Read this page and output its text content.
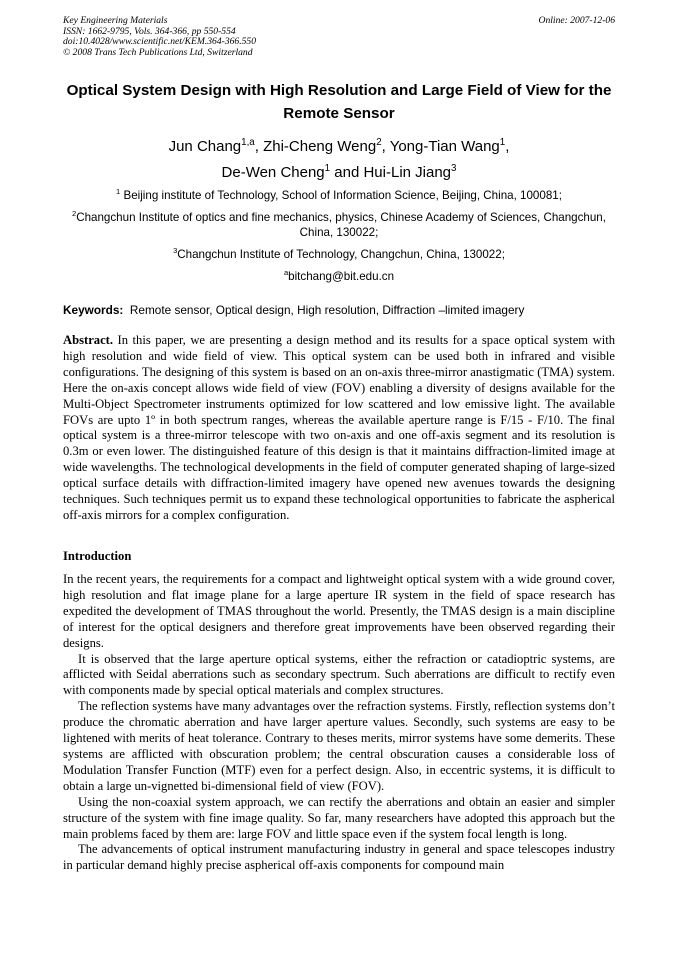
Key Engineering Materials
ISSN: 1662-9795, Vols. 364-366, pp 550-554
doi:10.4028/www.scientific.net/KEM.364-366.550
© 2008 Trans Tech Publications Ltd, Switzerland
Online: 2007-12-06
Optical System Design with High Resolution and Large Field of View for the Remote Sensor
Jun Chang$^{1,a}$, Zhi-Cheng Weng$^2$, Yong-Tian Wang$^1$,
De-Wen Cheng$^1$ and Hui-Lin Jiang$^3$
$^1$ Beijing institute of Technology, School of Information Science, Beijing, China, 100081;
$^2$Changchun Institute of optics and fine mechanics, physics, Chinese Academy of Sciences, Changchun, China, 130022;
$^3$Changchun Institute of Technology, Changchun, China, 130022;
$^a$bitchang@bit.edu.cn
Keywords: Remote sensor, Optical design, High resolution, Diffraction –limited imagery
Abstract. In this paper, we are presenting a design method and its results for a space optical system with high resolution and wide field of view. This optical system can be used both in infrared and visible configurations. The designing of this system is based on an on-axis three-mirror anastigmatic (TMA) system. Here the on-axis concept allows wide field of view (FOV) enabling a diversity of designs available for the Multi-Object Spectrometer instruments optimized for low scattered and low emissive light. The available FOVs are upto 1º in both spectrum ranges, whereas the available aperture range is F/15 - F/10. The final optical system is a three-mirror telescope with two on-axis and one off-axis segment and its resolution is 0.3m or even lower. The distinguished feature of this design is that it maintains diffraction-limited image at wide wavelengths. The technological developments in the field of computer generated shaping of large-sized optical surface details with diffraction-limited imagery have opened new avenues towards the designing techniques. Such techniques permit us to expand these technological opportunities to fabricate the aspherical off-axis mirrors for a complex configuration.
Introduction

In the recent years, the requirements for a compact and lightweight optical system with a wide ground cover, high resolution and flat image plane for a large aperture IR system in the field of space research has expedited the development of TMAS throughout the world. Presently, the TMAS design is a main discipline of interest for the optical designers and therefore great improvements have been observed regarding their designs.

It is observed that the large aperture optical systems, either the refraction or catadioptric systems, are afflicted with Seidal aberrations such as secondary spectrum. Such aberrations are difficult to rectify even with components made by special optical materials and complex structures.

The reflection systems have many advantages over the refraction systems. Firstly, reflection systems don’t produce the chromatic aberration and have larger aperture values. Secondly, such systems are easy to be lightened with merits of heat tolerance. Contrary to theses merits, mirror systems have some demerits. These systems are afflicted with obscuration problem; the central obscuration causes a considerable loss of Modulation Transfer Function (MTF) even for a perfect design. Also, in eccentric systems, it is difficult to obtain a large un-vignetted bi-dimensional field of view (FOV).

Using the non-coaxial system approach, we can rectify the aberrations and obtain an easier and simpler structure of the system with fine image quality. So far, many researchers have adopted this approach but the main problems faced by them are: large FOV and little space even if the system focal length is long.

The advancements of optical instrument manufacturing industry in general and space telescopes industry in particular demand highly precise aspherical off-axis components for compound main
